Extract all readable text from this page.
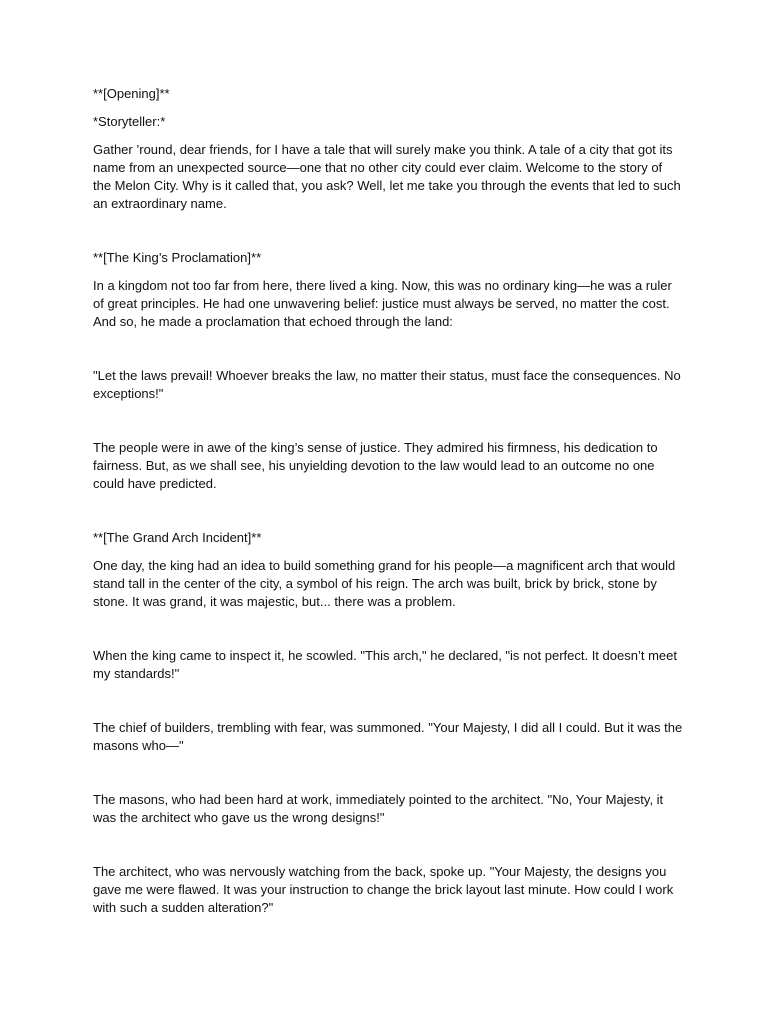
**[Opening]**

*Storyteller:*

Gather ’round, dear friends, for I have a tale that will surely make you think. A tale of a city that got its name from an unexpected source—one that no other city could ever claim. Welcome to the story of the Melon City. Why is it called that, you ask? Well, let me take you through the events that led to such an extraordinary name.

**[The King’s Proclamation]**

In a kingdom not too far from here, there lived a king. Now, this was no ordinary king—he was a ruler of great principles. He had one unwavering belief: justice must always be served, no matter the cost. And so, he made a proclamation that echoed through the land:

"Let the laws prevail! Whoever breaks the law, no matter their status, must face the consequences. No exceptions!"

The people were in awe of the king’s sense of justice. They admired his firmness, his dedication to fairness. But, as we shall see, his unyielding devotion to the law would lead to an outcome no one could have predicted.

**[The Grand Arch Incident]**

One day, the king had an idea to build something grand for his people—a magnificent arch that would stand tall in the center of the city, a symbol of his reign. The arch was built, brick by brick, stone by stone. It was grand, it was majestic, but... there was a problem.

When the king came to inspect it, he scowled. "This arch," he declared, "is not perfect. It doesn’t meet my standards!"

The chief of builders, trembling with fear, was summoned. "Your Majesty, I did all I could. But it was the masons who—"

The masons, who had been hard at work, immediately pointed to the architect. "No, Your Majesty, it was the architect who gave us the wrong designs!"

The architect, who was nervously watching from the back, spoke up. "Your Majesty, the designs you gave me were flawed. It was your instruction to change the brick layout last minute. How could I work with such a sudden alteration?"
